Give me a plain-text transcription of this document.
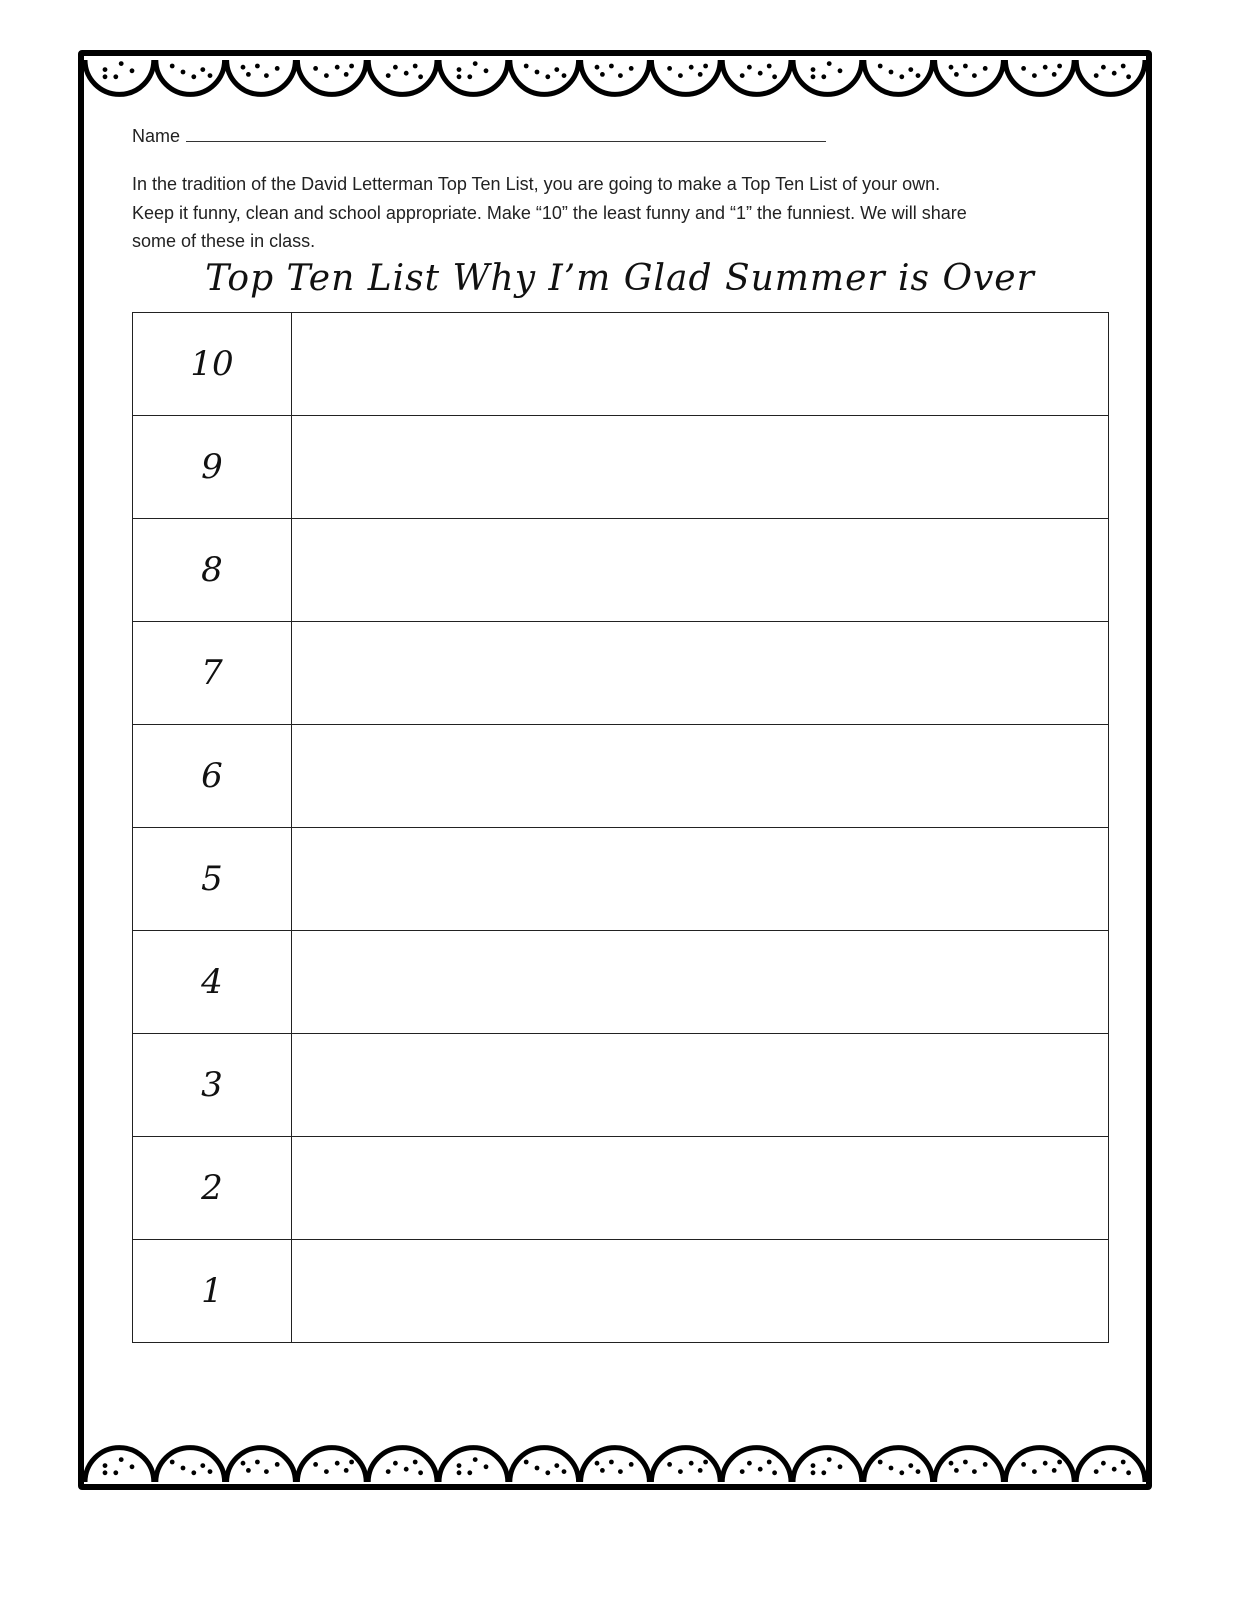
Name

In the tradition of the David Letterman Top Ten List, you are going to make a Top Ten List of your own.

Keep it funny, clean and school appropriate. Make “10” the least funny and “1” the funniest. We will share

some of these in class.

Top Ten List Why I’m Glad Summer is Over
10	
9	
8	
7	
6	
5	
4	
3	
2	
1	
